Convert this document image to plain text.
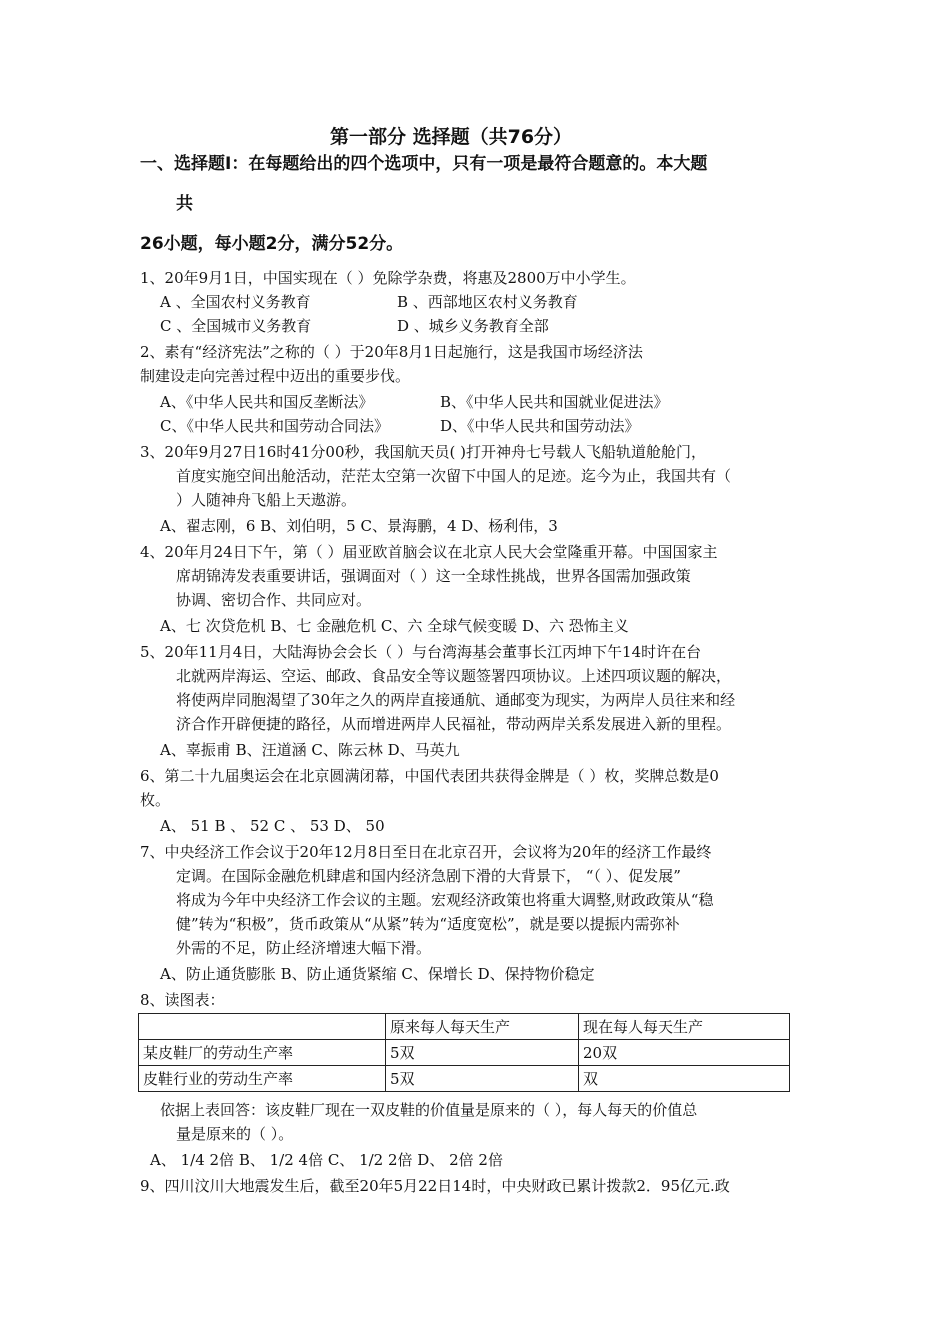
第一部分 选择题（共76分）
一、选择题Ⅰ：在每题给出的四个选项中，只有一项是最符合题意的。本大题
共
26小题，每小题2分，满分52分。
1、20年9月1日，中国实现在（ ）免除学杂费，将惠及2800万中小学生。
A 、全国农村义务教育	B 、西部地区农村义务教育
C 、全国城市义务教育	D 、城乡义务教育全部
2、素有“经济宪法”之称的（ ）于20年8月1日起施行，这是我国市场经济法
制建设走向完善过程中迈出的重要步伐。
A、《中华人民共和国反垄断法》	B、《中华人民共和国就业促进法》
C、《中华人民共和国劳动合同法》	D、《中华人民共和国劳动法》
3、20年9月27日16时41分00秒，我国航天员( )打开神舟七号载人飞船轨道舱舱门，
首度实施空间出舱活动，茫茫太空第一次留下中国人的足迹。迄今为止，我国共有（
）人随神舟飞船上天遨游。
A、翟志刚，6 B、刘伯明，5 C、景海鹏，4 D、杨利伟，3
4、20年月24日下午，第（ ）届亚欧首脑会议在北京人民大会堂隆重开幕。中国国家主
席胡锦涛发表重要讲话，强调面对（ ）这一全球性挑战，世界各国需加强政策
协调、密切合作、共同应对。
A、七 次贷危机 B、七 金融危机 C、六 全球气候变暖 D、六 恐怖主义
5、20年11月4日，大陆海协会会长（ ）与台湾海基会董事长江丙坤下午14时许在台
北就两岸海运、空运、邮政、食品安全等议题签署四项协议。上述四项议题的解决，
将使两岸同胞渴望了30年之久的两岸直接通航、通邮变为现实，为两岸人员往来和经
济合作开辟便捷的路径，从而增进两岸人民福祉，带动两岸关系发展进入新的里程。
A、辜振甫 B、汪道涵 C、陈云林 D、马英九
6、第二十九届奥运会在北京圆满闭幕，中国代表团共获得金牌是（ ）枚，奖牌总数是0
枚。
A、 51 B 、 52 C 、 53 D、 50
7、中央经济工作会议于20年12月8日至日在北京召开，会议将为20年的经济工作最终
定调。在国际金融危机肆虐和国内经济急剧下滑的大背景下， “（ ）、促发展”
将成为今年中央经济工作会议的主题。宏观经济政策也将重大调整,财政政策从“稳
健”转为“积极”，货币政策从“从紧”转为“适度宽松”，就是要以提振内需弥补
外需的不足，防止经济增速大幅下滑。
A、防止通货膨胀 B、防止通货紧缩 C、保增长 D、保持物价稳定
8、读图表：
	原来每人每天生产	现在每人每天生产
某皮鞋厂的劳动生产率	5双	20双
皮鞋行业的劳动生产率	5双	双
依据上表回答：该皮鞋厂现在一双皮鞋的价值量是原来的（ ），每人每天的价值总
量是原来的（ ）。
A、 1/4 2倍 B、 1/2 4倍 C、 1/2 2倍 D、 2倍 2倍
9、四川汶川大地震发生后，截至20年5月22日14时，中央财政已累计拨款2．95亿元.政
